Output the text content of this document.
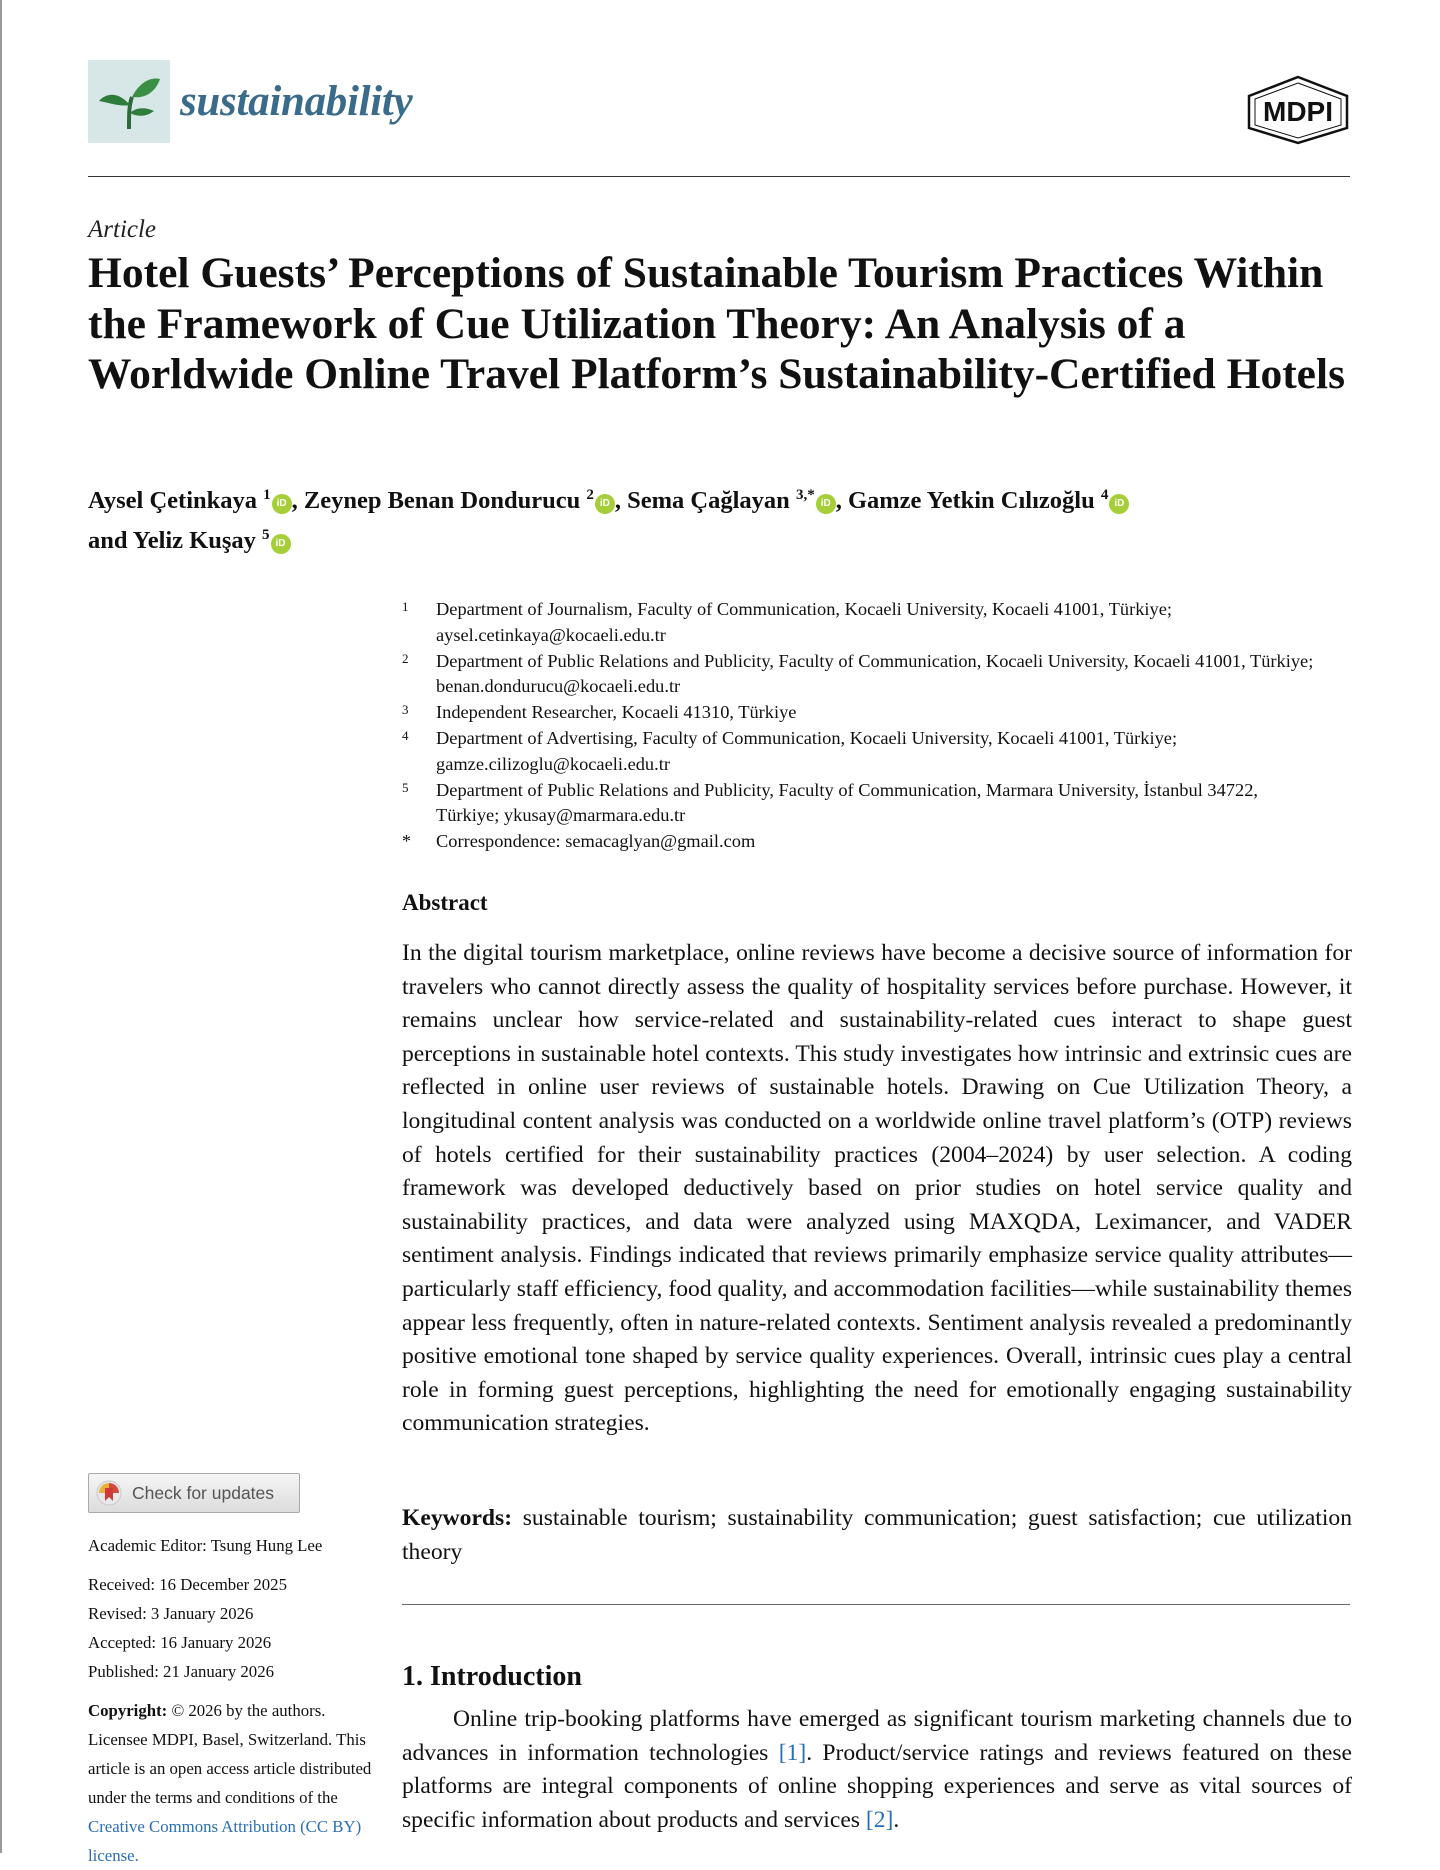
sustainability	MDPI
Article
Hotel Guests’ Perceptions of Sustainable Tourism Practices Within the Framework of Cue Utilization Theory: An Analysis of a Worldwide Online Travel Platform’s Sustainability-Certified Hotels
Aysel Çetinkaya $^1$iD , Zeynep Benan Dondurucu $^2$iD , Sema Çağlayan $^{3,*}$iD , Gamze Yetkin Cılızoğlu $^4$iD
and Yeliz Kuşay $^5$iD
1	Department of Journalism, Faculty of Communication, Kocaeli University, Kocaeli 41001, Türkiye; aysel.cetinkaya@kocaeli.edu.tr
2	Department of Public Relations and Publicity, Faculty of Communication, Kocaeli University, Kocaeli 41001, Türkiye; benan.dondurucu@kocaeli.edu.tr
3	Independent Researcher, Kocaeli 41310, Türkiye
4	Department of Advertising, Faculty of Communication, Kocaeli University, Kocaeli 41001, Türkiye; gamze.cilizoglu@kocaeli.edu.tr
5	Department of Public Relations and Publicity, Faculty of Communication, Marmara University, İstanbul 34722, Türkiye; ykusay@marmara.edu.tr
*	Correspondence: semacaglyan@gmail.com
Abstract
In the digital tourism marketplace, online reviews have become a decisive source of information for travelers who cannot directly assess the quality of hospitality services before purchase. However, it remains unclear how service-related and sustainability-related cues interact to shape guest perceptions in sustainable hotel contexts. This study investigates how intrinsic and extrinsic cues are reflected in online user reviews of sustainable hotels. Drawing on Cue Utilization Theory, a longitudinal content analysis was conducted on a worldwide online travel platform’s (OTP) reviews of hotels certified for their sustainability practices (2004–2024) by user selection. A coding framework was developed deductively based on prior studies on hotel service quality and sustainability practices, and data were analyzed using MAXQDA, Leximancer, and VADER sentiment analysis. Findings indicated that reviews primarily emphasize service quality attributes—particularly staff efficiency, food quality, and accommodation facilities—while sustainability themes appear less frequently, often in nature-related contexts. Sentiment analysis revealed a predominantly positive emotional tone shaped by service quality experiences. Overall, intrinsic cues play a central role in forming guest perceptions, highlighting the need for emotionally engaging sustainability communication strategies.
Keywords: sustainable tourism; sustainability communication; guest satisfaction; cue utilization theory
1. Introduction
Online trip-booking platforms have emerged as significant tourism marketing channels due to advances in information technologies [1]. Product/service ratings and reviews featured on these platforms are integral components of online shopping experiences and serve as vital sources of specific information about products and services [2].
Check for updates
Academic Editor: Tsung Hung Lee
Received: 16 December 2025
Revised: 3 January 2026
Accepted: 16 January 2026
Published: 21 January 2026
Copyright: © 2026 by the authors. Licensee MDPI, Basel, Switzerland. This article is an open access article distributed under the terms and conditions of the Creative Commons Attribution (CC BY) license.
